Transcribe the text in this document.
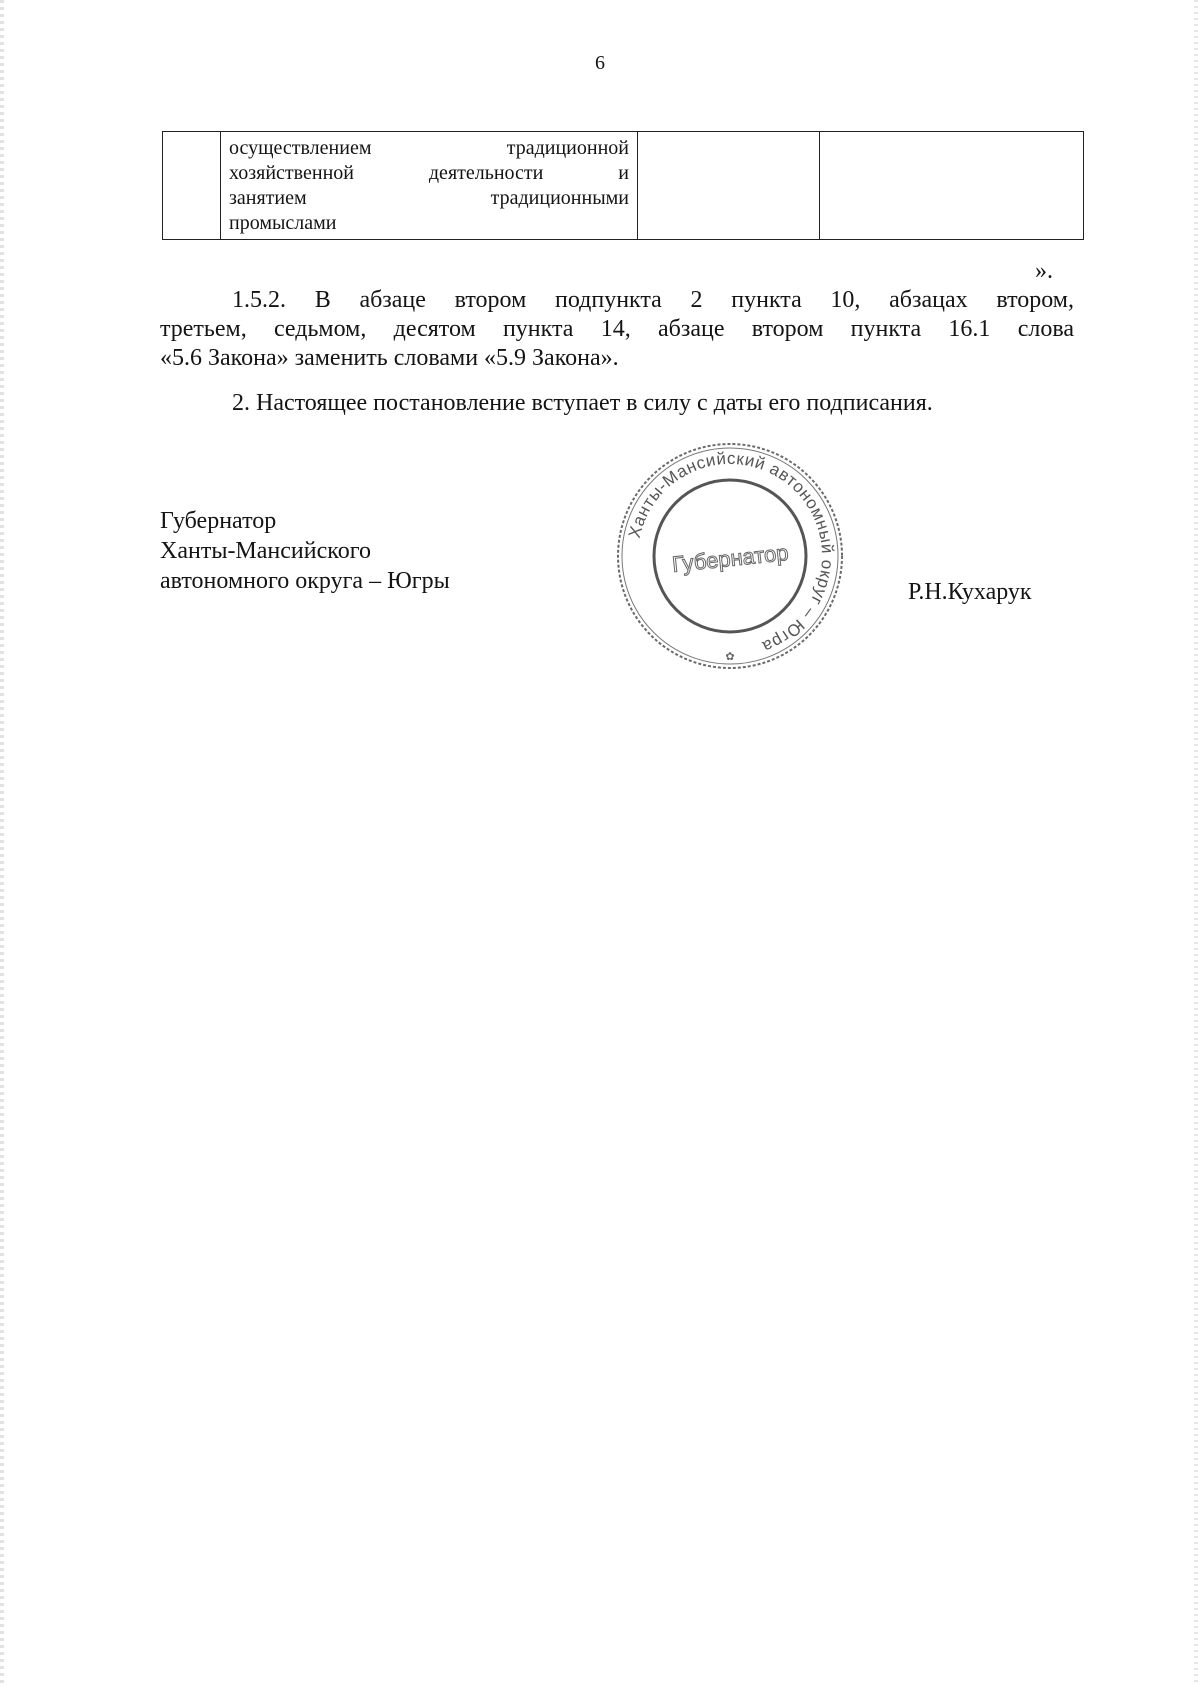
6

осуществлением традиционной
хозяйственной деятельности и
занятием традиционными
промыслами

».

1.5.2. В абзаце втором подпункта 2 пункта 10, абзацах втором,
третьем, седьмом, десятом пункта 14, абзаце втором пункта 16.1 слова
«5.6 Закона» заменить словами «5.9 Закона».

2. Настоящее постановление вступает в силу с даты его подписания.

Губернатор
Ханты-Мансийского
автономного округа – Югры
Ханты-Мансийский автономный округ – Югра
Губернатор
✿
Р.Н.Кухарук
